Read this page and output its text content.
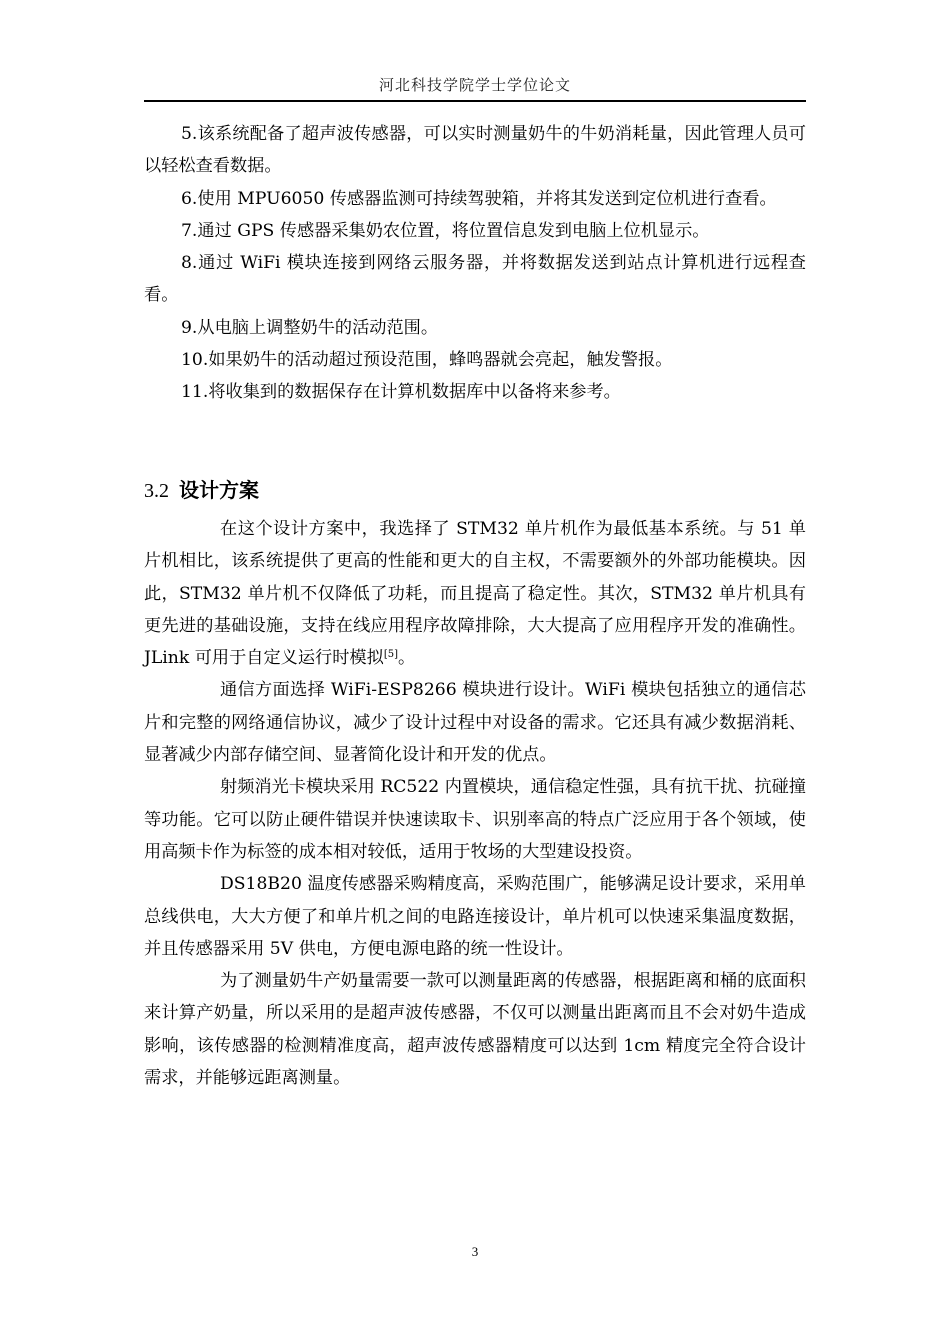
河北科技学院学士学位论文

5.该系统配备了超声波传感器，可以实时测量奶牛的牛奶消耗量，因此管理人员可以轻松查看数据。

6.使用 MPU6050 传感器监测可持续驾驶箱，并将其发送到定位机进行查看。

7.通过 GPS 传感器采集奶农位置，将位置信息发到电脑上位机显示。

8.通过 WiFi 模块连接到网络云服务器，并将数据发送到站点计算机进行远程查看。

9.从电脑上调整奶牛的活动范围。

10.如果奶牛的活动超过预设范围，蜂鸣器就会亮起，触发警报。

11.将收集到的数据保存在计算机数据库中以备将来参考。

3.2 设计方案

在这个设计方案中，我选择了 STM32 单片机作为最低基本系统。与 51 单片机相比，该系统提供了更高的性能和更大的自主权，不需要额外的外部功能模块。因此，STM32 单片机不仅降低了功耗，而且提高了稳定性。其次，STM32 单片机具有更先进的基础设施，支持在线应用程序故障排除，大大提高了应用程序开发的准确性。JLink 可用于自定义运行时模拟[5]。

通信方面选择 WiFi-ESP8266 模块进行设计。WiFi 模块包括独立的通信芯片和完整的网络通信协议，减少了设计过程中对设备的需求。它还具有减少数据消耗、显著减少内部存储空间、显著简化设计和开发的优点。

射频消光卡模块采用 RC522 内置模块，通信稳定性强，具有抗干扰、抗碰撞等功能。它可以防止硬件错误并快速读取卡、识别率高的特点广泛应用于各个领域，使用高频卡作为标签的成本相对较低，适用于牧场的大型建设投资。

DS18B20 温度传感器采购精度高，采购范围广，能够满足设计要求，采用单总线供电，大大方便了和单片机之间的电路连接设计，单片机可以快速采集温度数据，并且传感器采用 5V 供电，方便电源电路的统一性设计。

为了测量奶牛产奶量需要一款可以测量距离的传感器，根据距离和桶的底面积来计算产奶量，所以采用的是超声波传感器，不仅可以测量出距离而且不会对奶牛造成影响，该传感器的检测精准度高，超声波传感器精度可以达到 1cm 精度完全符合设计需求，并能够远距离测量。

3
